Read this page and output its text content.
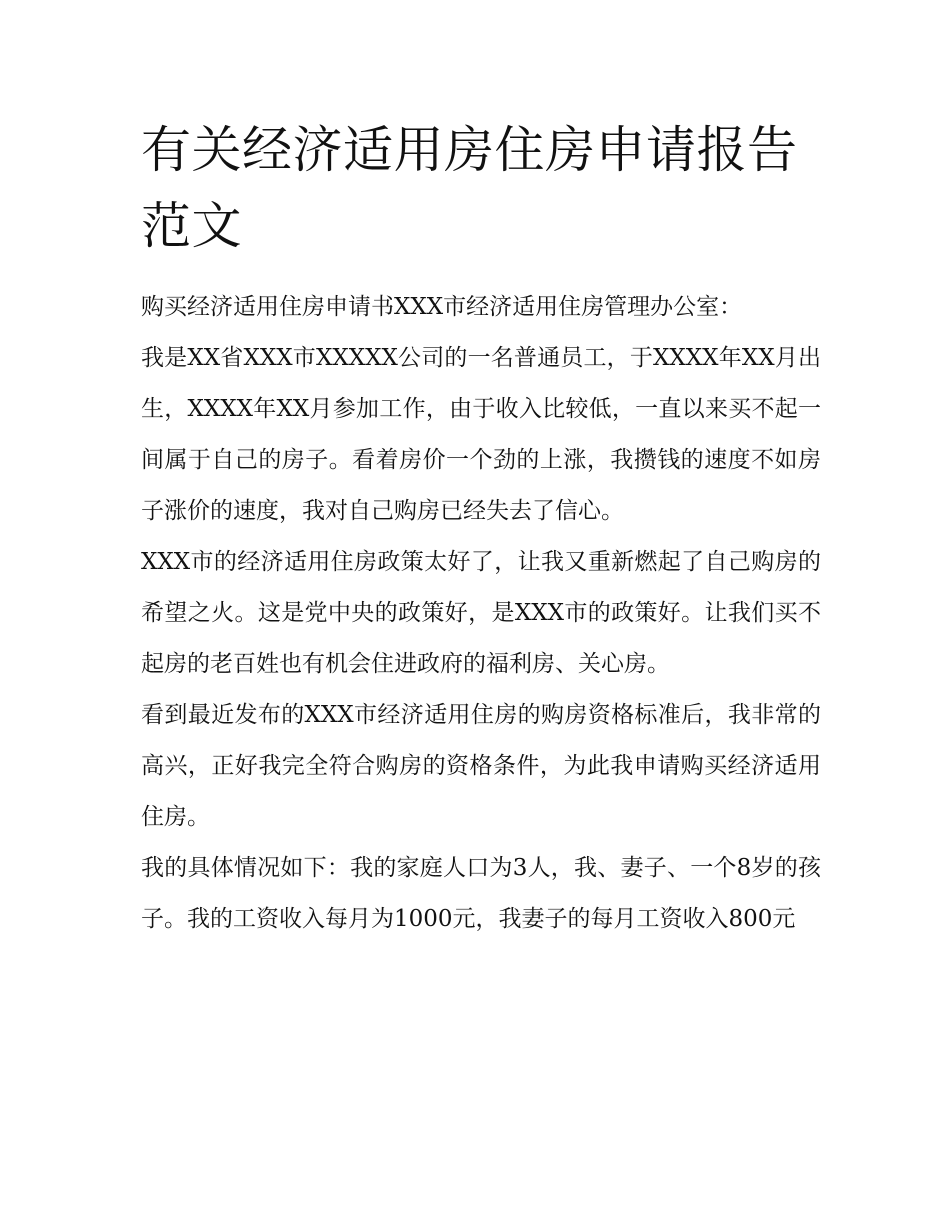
有关经济适用房住房申请报告范文

购买经济适用住房申请书XXX市经济适用住房管理办公室：

我是XX省XXX市XXXXX公司的一名普通员工，于XXXX年XX月出生，XXXX年XX月参加工作，由于收入比较低，一直以来买不起一间属于自己的房子。看着房价一个劲的上涨，我攒钱的速度不如房子涨价的速度，我对自己购房已经失去了信心。

XXX市的经济适用住房政策太好了，让我又重新燃起了自己购房的希望之火。这是党中央的政策好，是XXX市的政策好。让我们买不起房的老百姓也有机会住进政府的福利房、关心房。

看到最近发布的XXX市经济适用住房的购房资格标准后，我非常的高兴，正好我完全符合购房的资格条件，为此我申请购买经济适用住房。

我的具体情况如下：我的家庭人口为3人，我、妻子、一个8岁的孩子。我的工资收入每月为1000元，我妻子的每月工资收入800元
